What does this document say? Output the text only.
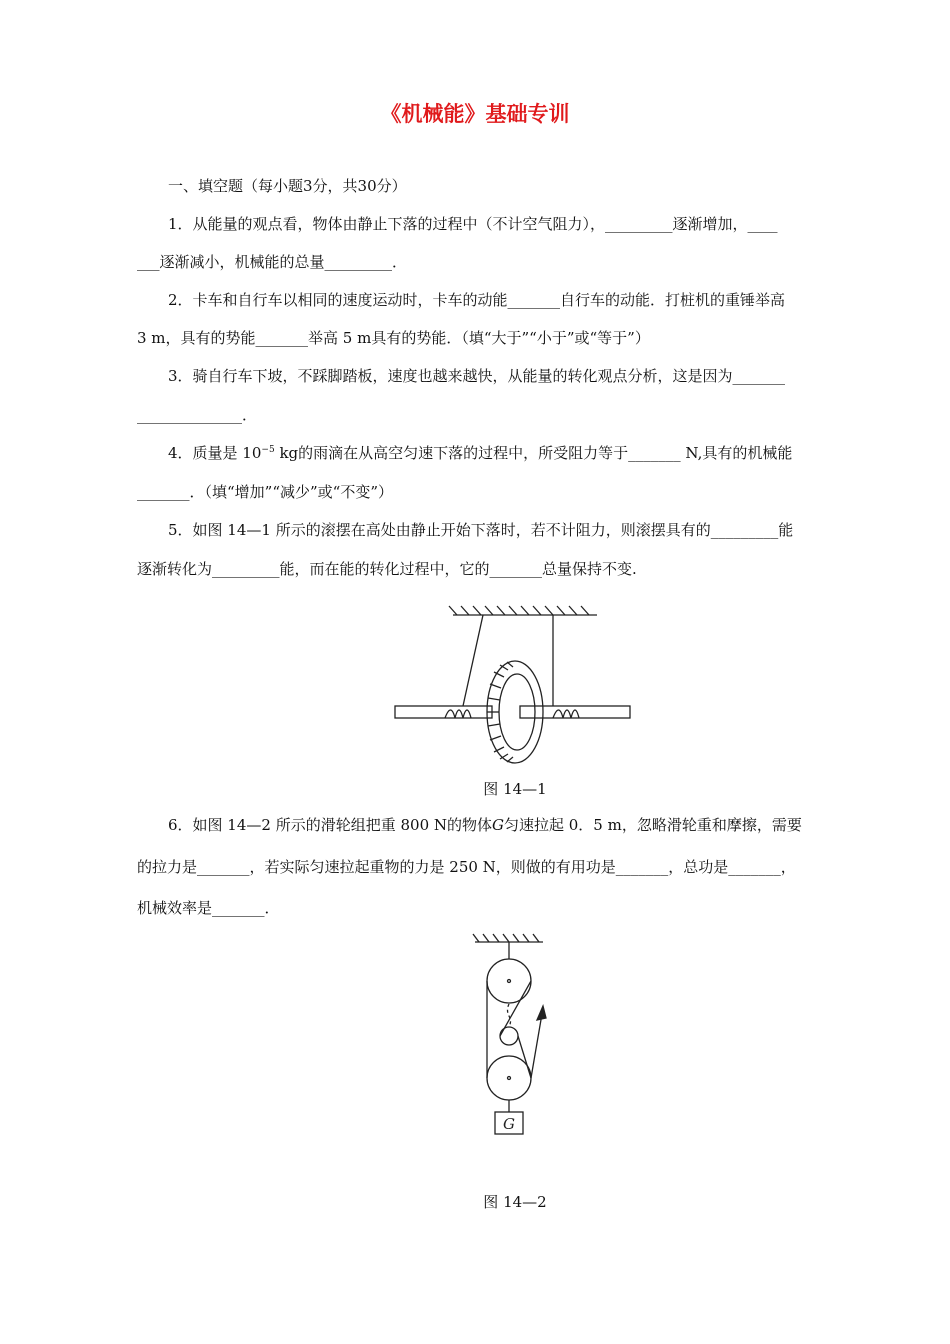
《机械能》基础专训
一、填空题（每小题3分，共30分）
1．从能量的观点看，物体由静止下落的过程中（不计空气阻力），_________逐渐增加，____
___逐渐减小，机械能的总量_________．
2．卡车和自行车以相同的速度运动时，卡车的动能_______自行车的动能．打桩机的重锤举高
3 m，具有的势能_______举高 5 m具有的势能．（填“大于”“小于”或“等于”）
3．骑自行车下坡，不踩脚踏板，速度也越来越快，从能量的转化观点分析，这是因为_______
______________．
4．质量是 $10^{-5}$ kg的雨滴在从高空匀速下落的过程中，所受阻力等于_______ N,具有的机械能
_______．（填“增加”“减少”或“不变”）
5．如图 14—1 所示的滚摆在高处由静止开始下落时，若不计阻力，则滚摆具有的_________能
逐渐转化为_________能，而在能的转化过程中，它的_______总量保持不变.
图 14—1
6．如图 14—2 所示的滑轮组把重 800 N的物体G匀速拉起 0．5 m，忽略滑轮重和摩擦，需要
的拉力是_______，若实际匀速拉起重物的力是 250 N，则做的有用功是_______，总功是_______，
机械效率是_______．
G
图 14—2
